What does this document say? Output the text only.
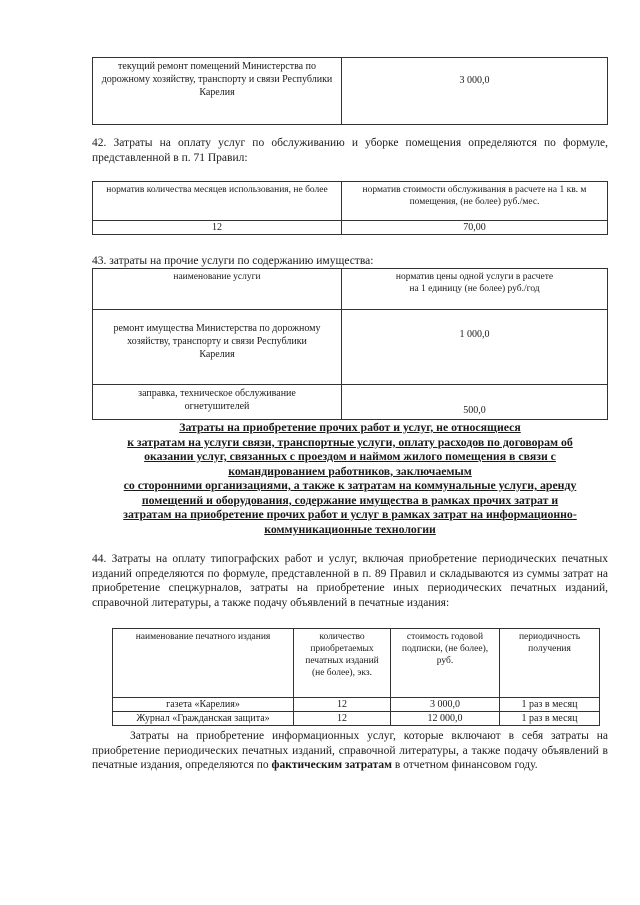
текущий ремонт помещений Министерства по дорожному хозяйству, транспорту и связи Республики Карелия	3 000,0
42. Затраты на оплату услуг по обслуживанию и уборке помещения определяются по формуле, представленной в п. 71 Правил:
норматив количества месяцев использования, не более	норматив стоимости обслуживания в расчете на 1 кв. м помещения, (не более) руб./мес.
12	70,00
43. затраты на прочие услуги по содержанию имущества:
наименование услуги	норматив цены одной услуги в расчете на 1 единицу (не более) руб./год
ремонт имущества Министерства по дорожному хозяйству, транспорту и связи Республики Карелия	1 000,0
заправка, техническое обслуживание огнетушителей	500,0
Затраты на приобретение прочих работ и услуг, не относящиеся
к затратам на услуги связи, транспортные услуги, оплату расходов по договорам об
оказании услуг, связанных с проездом и наймом жилого помещения в связи с
командированием работников, заключаемым
со сторонними организациями, а также к затратам на коммунальные услуги, аренду
помещений и оборудования, содержание имущества в рамках прочих затрат и
затратам на приобретение прочих работ и услуг в рамках затрат на информационно-
коммуникационные технологии
44. Затраты на оплату типографских работ и услуг, включая приобретение периодических печатных изданий определяются по формуле, представленной в п. 89 Правил и складываются из суммы затрат на приобретение спецжурналов, затраты на приобретение иных периодических печатных изданий, справочной литературы, а также подачу объявлений в печатные издания:
наименование печатного издания	количество приобретаемых печатных изданий (не более), экз.	стоимость годовой подписки, (не более), руб.	периодичность получения
газета «Карелия»	12	3 000,0	1 раз в месяц
Журнал «Гражданская защита»	12	12 000,0	1 раз в месяц
Затраты на приобретение информационных услуг, которые включают в себя затраты на приобретение периодических печатных изданий, справочной литературы, а также подачу объявлений в печатные издания, определяются по фактическим затратам в отчетном финансовом году.
